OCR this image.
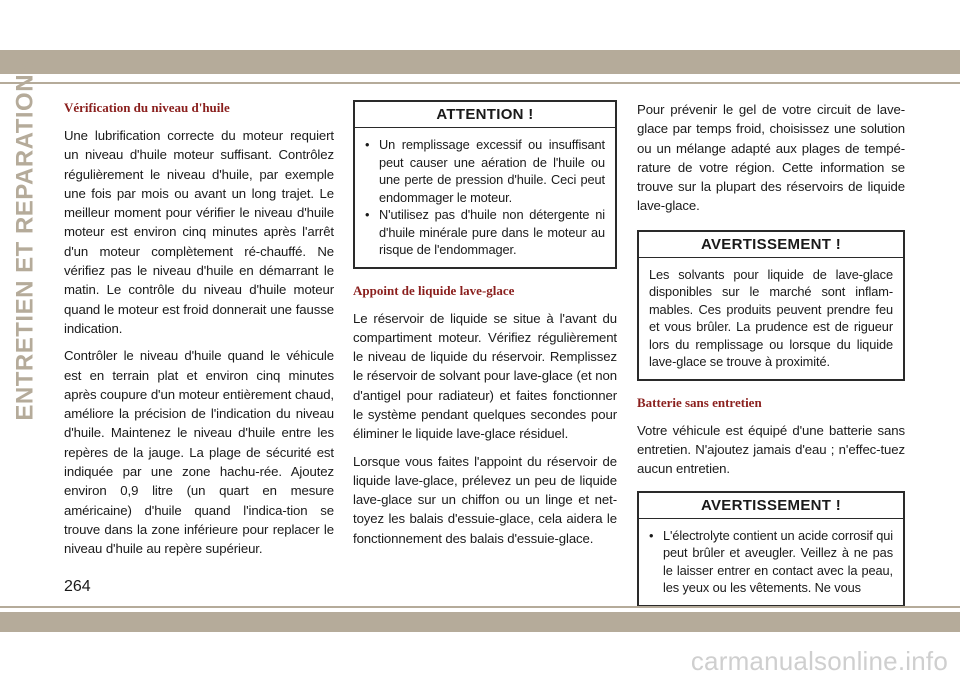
ENTRETIEN ET REPARATIONS Vérification du niveau d'huile

Une lubrification correcte du moteur requiert un niveau d'huile moteur suffisant. Contrôlez régulièrement le niveau d'huile, par exemple une fois par mois ou avant un long trajet. Le meilleur moment pour vérifier le niveau d'huile moteur est environ cinq minutes après l'arrêt d'un moteur complètement ré-chauffé. Ne vérifiez pas le niveau d'huile en démarrant le matin. Le contrôle du niveau d'huile moteur quand le moteur est froid donnerait une fausse indication.

Contrôler le niveau d'huile quand le véhicule est en terrain plat et environ cinq minutes après coupure d'un moteur entièrement chaud, améliore la précision de l'indication du niveau d'huile. Maintenez le niveau d'huile entre les repères de la jauge. La plage de sécurité est indiquée par une zone hachu-rée. Ajoutez environ 0,9 litre (un quart en mesure américaine) d'huile quand l'indica-tion se trouve dans la zone inférieure pour replacer le niveau d'huile au repère supérieur.

ATTENTION !
• Un remplissage excessif ou insuffisant peut causer une aération de l'huile ou une perte de pression d'huile. Ceci peut endommager le moteur.
• N'utilisez pas d'huile non détergente ni d'huile minérale pure dans le moteur au risque de l'endommager.
Appoint de liquide lave-glace

Le réservoir de liquide se situe à l'avant du compartiment moteur. Vérifiez régulièrement le niveau de liquide du réservoir. Remplissez le réservoir de solvant pour lave-glace (et non d'antigel pour radiateur) et faites fonctionner le système pendant quelques secondes pour éliminer le liquide lave-glace résiduel.

Lorsque vous faites l'appoint du réservoir de liquide lave-glace, prélevez un peu de liquide lave-glace sur un chiffon ou un linge et net-toyez les balais d'essuie-glace, cela aidera le fonctionnement des balais d'essuie-glace.

Pour prévenir le gel de votre circuit de lave-glace par temps froid, choisissez une solution ou un mélange adapté aux plages de tempé-rature de votre région. Cette information se trouve sur la plupart des réservoirs de liquide lave-glace.

AVERTISSEMENT !

Les solvants pour liquide de lave-glace disponibles sur le marché sont inflam-mables. Ces produits peuvent prendre feu et vous brûler. La prudence est de rigueur lors du remplissage ou lorsque du liquide lave-glace se trouve à proximité.

Batterie sans entretien

Votre véhicule est équipé d'une batterie sans entretien. N'ajoutez jamais d'eau ; n'effec-tuez aucun entretien.

AVERTISSEMENT !
• L'électrolyte contient un acide corrosif qui peut brûler et aveugler. Veillez à ne pas le laisser entrer en contact avec la peau, les yeux ou les vêtements. Ne vous
264
carmanualsonline.info
